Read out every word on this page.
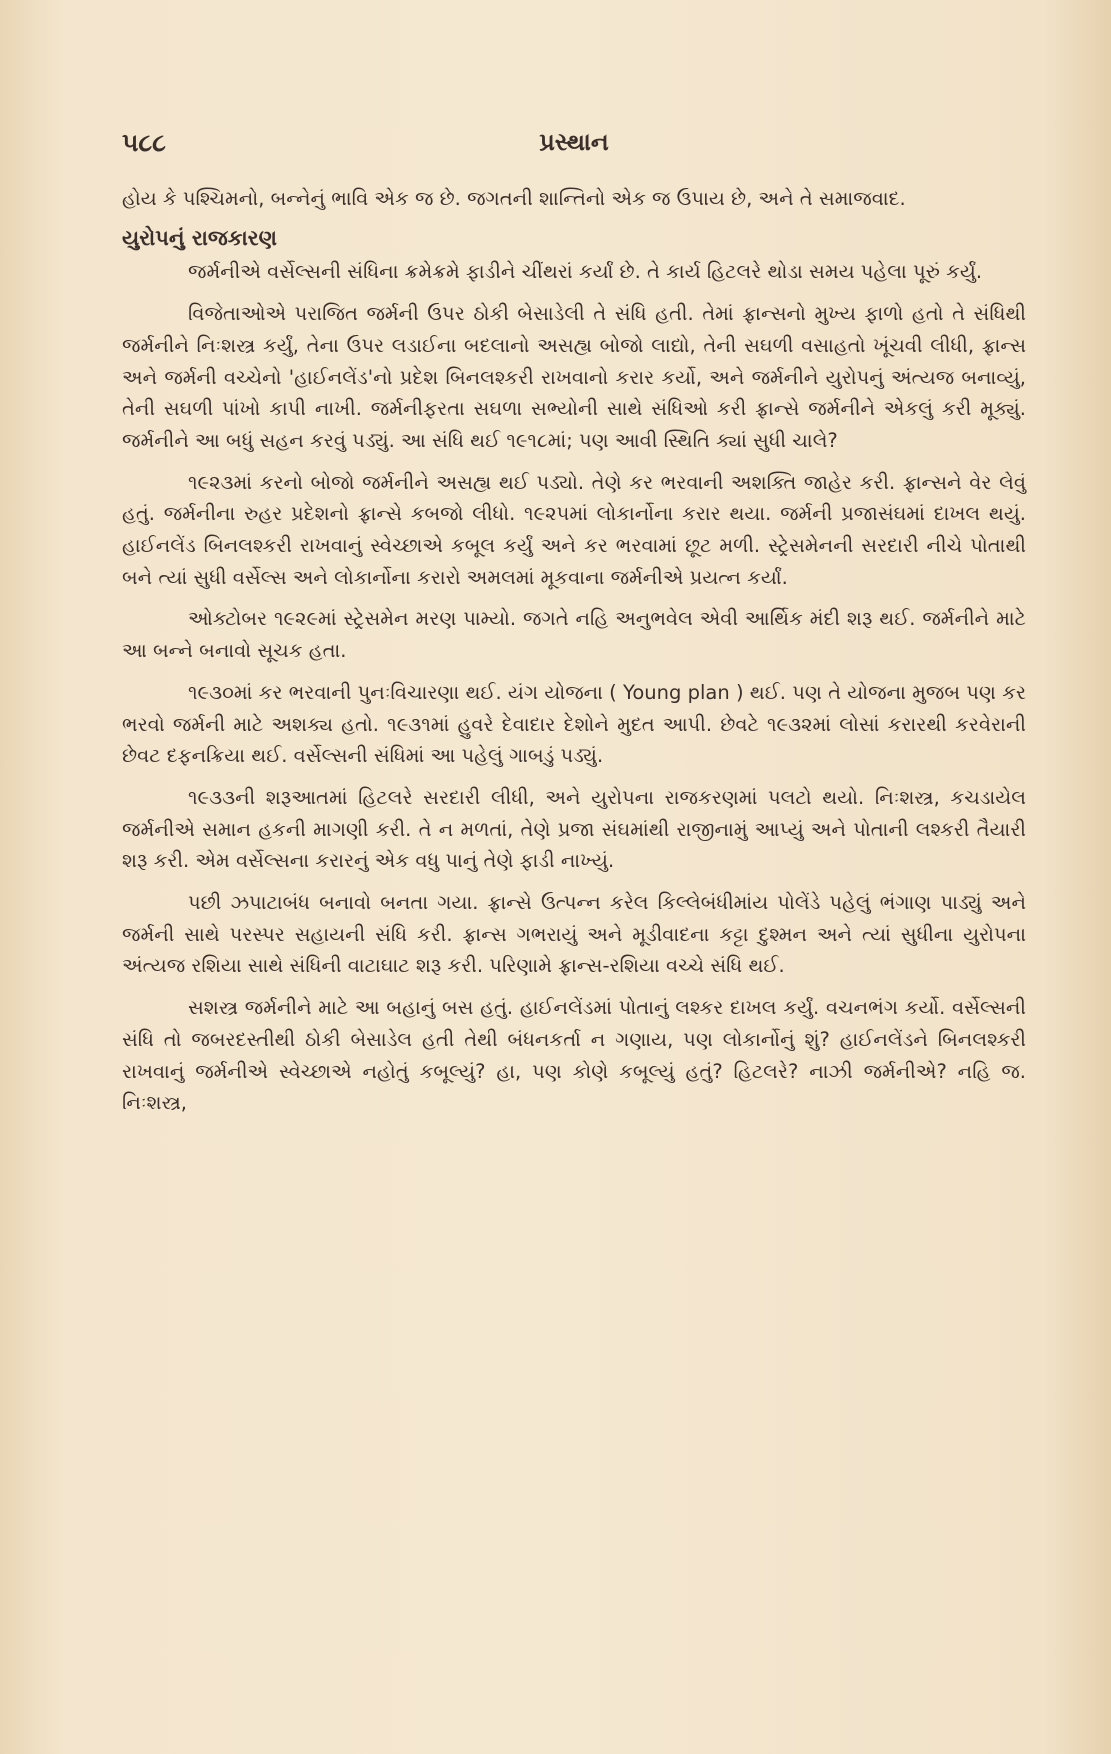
૫૮૮	પ્રસ્થાન

હોય કે પશ્ચિમનો, બન્નેનું ભાવિ એક જ છે. જગતની શાન્તિનો એક જ ઉપાય છે, અને તે સમાજવાદ.

યુરોપનું રાજકારણ

જર્મનીએ વર્સેલ્સની સંધિના ક્રમેક્રમે ફાડીને ચીંથરાં કર્યાં છે. તે કાર્ય હિટલરે થોડા સમય પહેલા પૂરું કર્યું.

વિજેતાઓએ પરાજિત જર્મની ઉપર ઠોકી બેસાડેલી તે સંધિ હતી. તેમાં ફ્રાન્સનો મુખ્ય ફાળો હતો તે સંધિથી જર્મનીને નિઃશસ્ત્ર કર્યું, તેના ઉપર લડાઈના બદલાનો અસહ્ય બોજો લાદ્યો, તેની સઘળી વસાહતો ખૂંચવી લીધી, ફ્રાન્સ અને જર્મની વચ્ચેનો 'હાઈનલેંડ'નો પ્રદેશ બિનલશ્કરી રાખવાનો કરાર કર્યો, અને જર્મનીને યુરોપનું અંત્યજ બનાવ્યું, તેની સઘળી પાંખો કાપી નાખી. જર્મનીફરતા સઘળા સભ્યોની સાથે સંધિઓ કરી ફ્રાન્સે જર્મનીને એકલું કરી મૂક્યું. જર્મનીને આ બધું સહન કરવું પડ્યું. આ સંધિ થઈ ૧૯૧૮માં; પણ આવી સ્થિતિ ક્યાં સુધી ચાલે?

૧૯૨૩માં કરનો બોજો જર્મનીને અસહ્ય થઈ પડ્યો. તેણે કર ભરવાની અશક્તિ જાહેર કરી. ફ્રાન્સને વેર લેવું હતું. જર્મનીના રુહર પ્રદેશનો ફ્રાન્સે કબજો લીધો. ૧૯૨૫માં લોકાર્નોના કરાર થયા. જર્મની પ્રજાસંઘમાં દાખલ થયું. હાઈનલેંડ બિનલશ્કરી રાખવાનું સ્વેચ્છાએ કબૂલ કર્યું અને કર ભરવામાં છૂટ મળી. સ્ટ્રેસમેનની સરદારી નીચે પોતાથી બને ત્યાં સુધી વર્સેલ્સ અને લોકાર્નોના કરારો અમલમાં મૂકવાના જર્મનીએ પ્રયત્ન કર્યાં.

ઓક્ટોબર ૧૯૨૯માં સ્ટ્રેસમેન મરણ પામ્યો. જગતે નહિ અનુભવેલ એવી આર્થિક મંદી શરૂ થઈ. જર્મનીને માટે આ બન્ને બનાવો સૂચક હતા.

૧૯૩૦માં કર ભરવાની પુનઃવિચારણા થઈ. યંગ યોજના ( Young plan ) થઈ. પણ તે યોજના મુજબ પણ કર ભરવો જર્મની માટે અશક્ય હતો. ૧૯૩૧માં હુવરે દેવાદાર દેશોને મુદત આપી. છેવટે ૧૯૩૨માં લોસાં કરારથી કરવેરાની છેવટ દફનક્રિયા થઈ. વર્સેલ્સની સંધિમાં આ પહેલું ગાબડું પડ્યું.

૧૯૩૩ની શરૂઆતમાં હિટલરે સરદારી લીધી, અને યુરોપના રાજકરણમાં પલટો થયો. નિઃશસ્ત્ર, કચડાયેલ જર્મનીએ સમાન હકની માગણી કરી. તે ન મળતાં, તેણે પ્રજા સંઘમાંથી રાજીનામું આપ્યું અને પોતાની લશ્કરી તૈયારી શરૂ કરી. એમ વર્સેલ્સના કરારનું એક વધુ પાનું તેણે ફાડી નાખ્યું.

પછી ઝપાટાબંધ બનાવો બનતા ગયા. ફ્રાન્સે ઉત્પન્ન કરેલ કિલ્લેબંધીમાંય પોલેંડે પહેલું ભંગાણ પાડ્યું અને જર્મની સાથે પરસ્પર સહાયની સંધિ કરી. ફ્રાન્સ ગભરાયું અને મૂડીવાદના કટ્ટા દુશ્મન અને ત્યાં સુધીના યુરોપના અંત્યજ રશિયા સાથે સંધિની વાટાઘાટ શરૂ કરી. પરિણામે ફ્રાન્સ-રશિયા વચ્ચે સંધિ થઈ.

સશસ્ત્ર જર્મનીને માટે આ બહાનું બસ હતું. હાઈનલેંડમાં પોતાનું લશ્કર દાખલ કર્યું. વચનભંગ કર્યો. વર્સેલ્સની સંધિ તો જબરદસ્તીથી ઠોકી બેસાડેલ હતી તેથી બંધનકર્તા ન ગણાય, પણ લોકાર્નોનું શું? હાઈનલેંડને બિનલશ્કરી રાખવાનું જર્મનીએ સ્વેચ્છાએ નહોતું કબૂલ્યું? હા, પણ કોણે કબૂલ્યું હતું? હિટલરે? નાઝી જર્મનીએ? નહિ જ. નિઃશસ્ત્ર,
